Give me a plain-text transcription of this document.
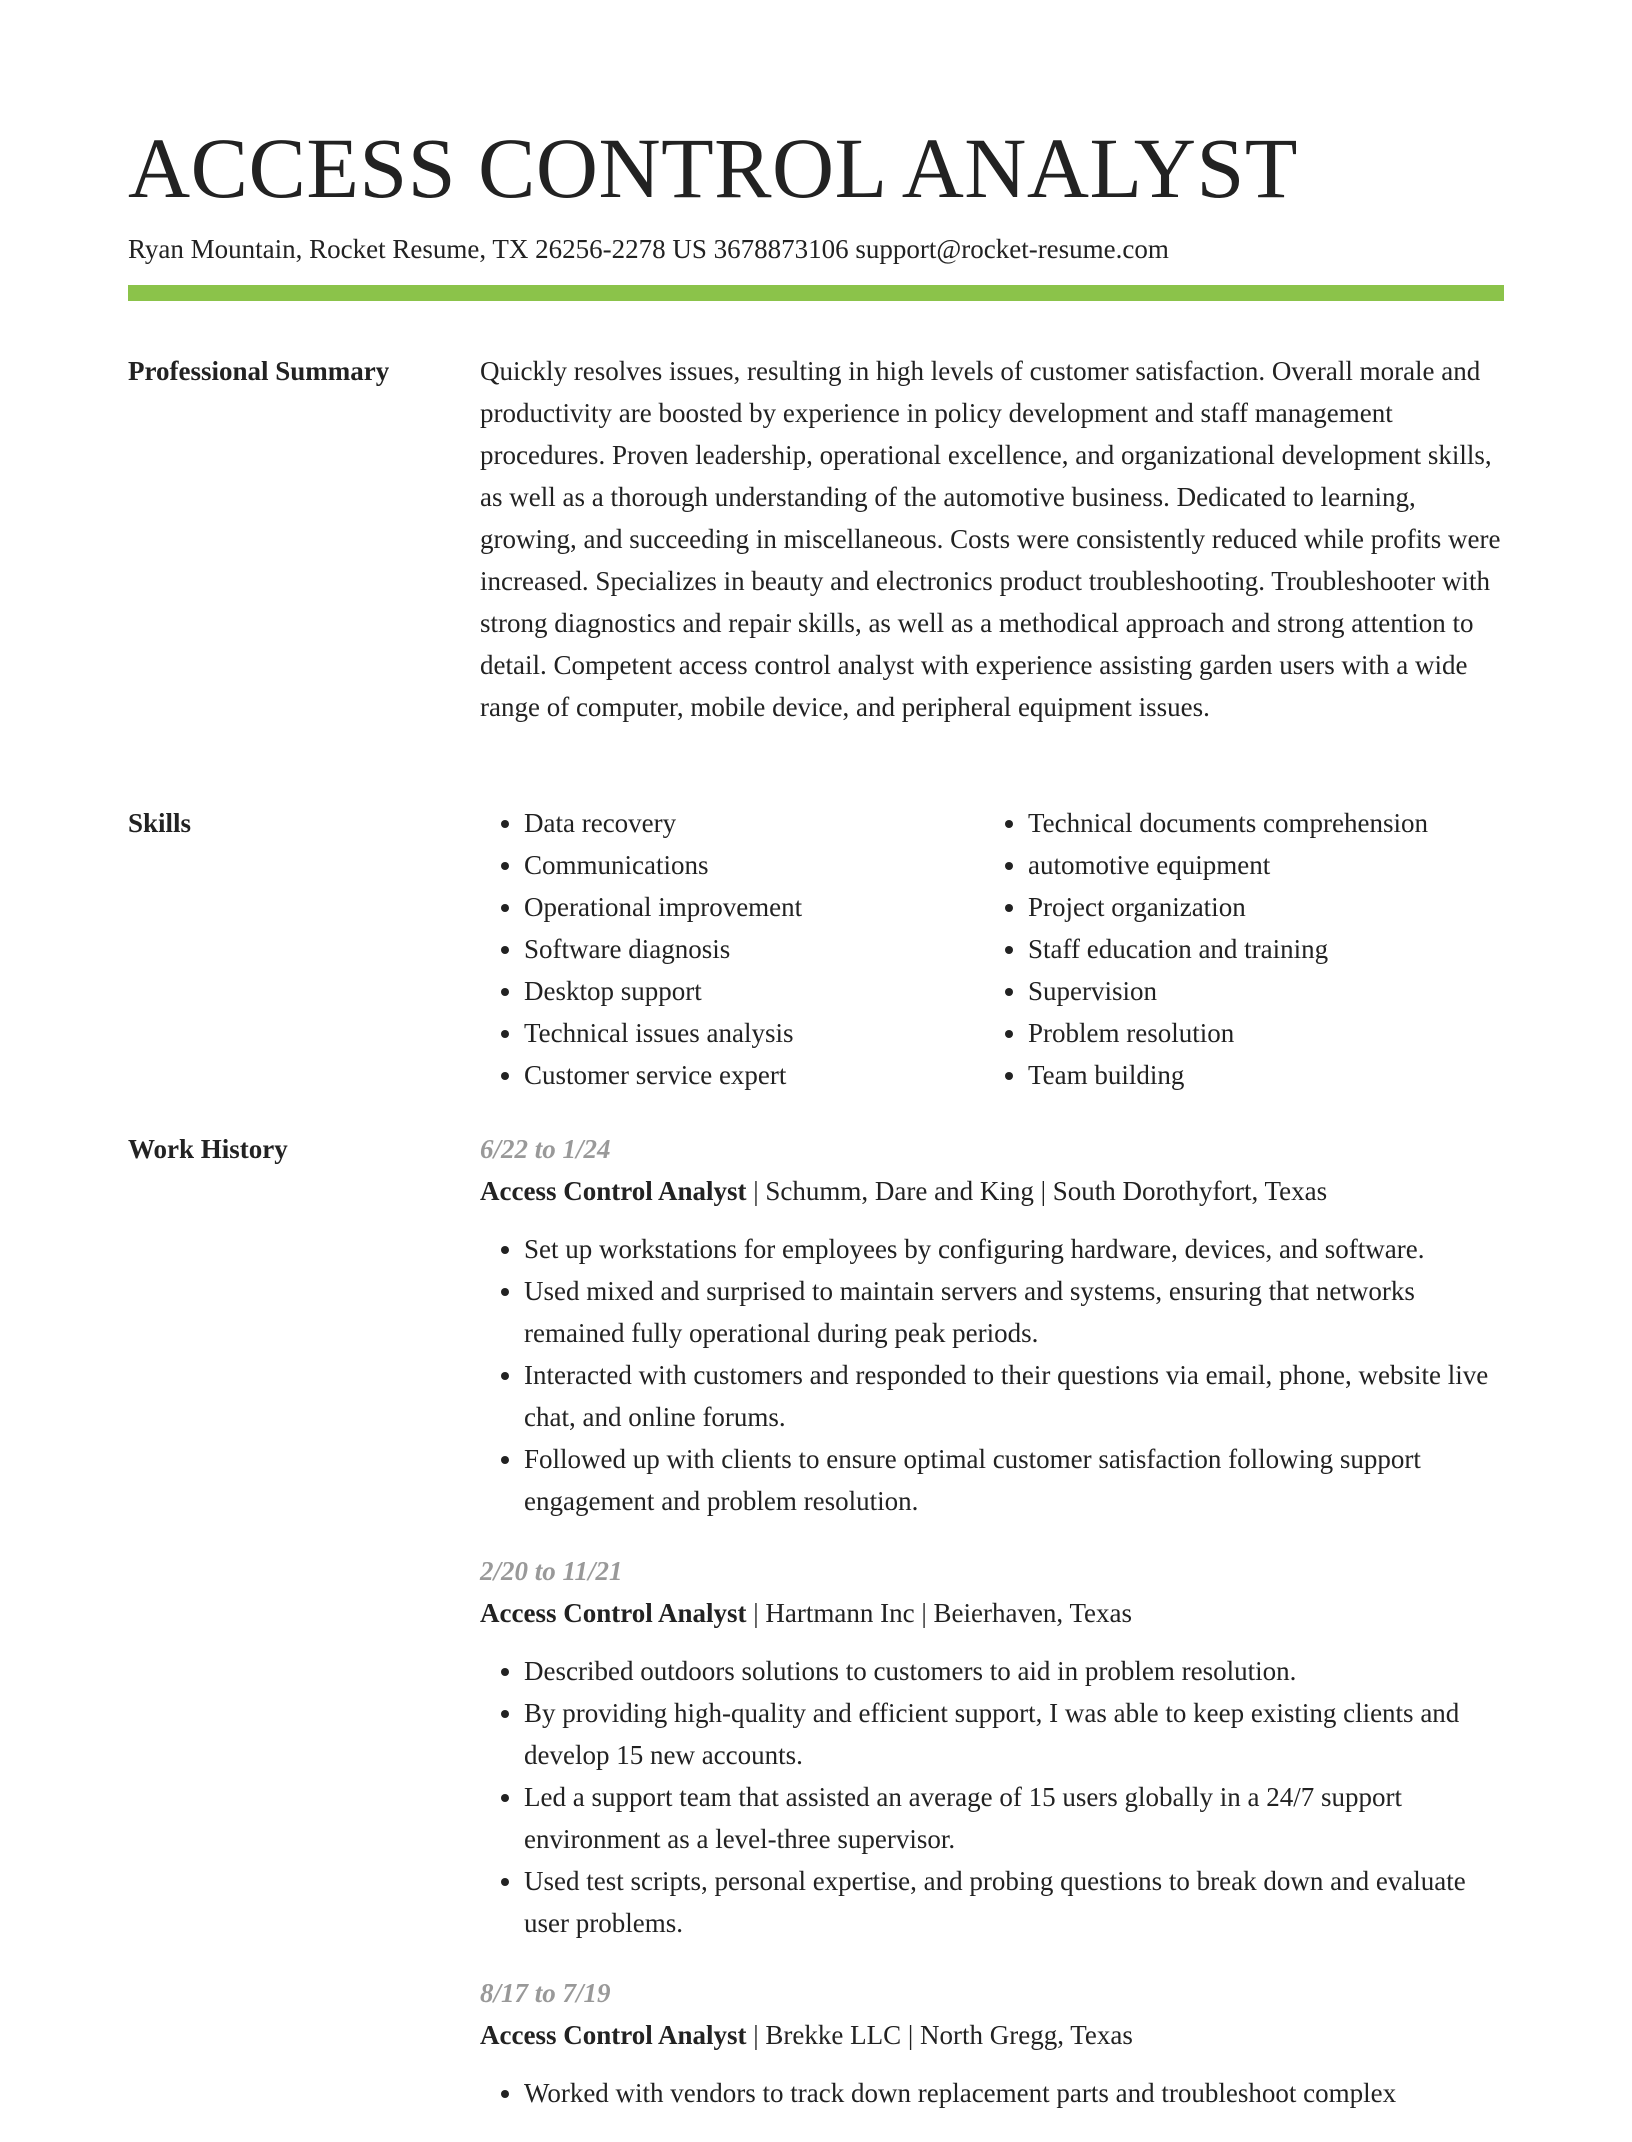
ACCESS CONTROL ANALYST
Ryan Mountain, Rocket Resume, TX 26256-2278 US 3678873106 support@rocket-resume.com
Professional Summary	Quickly resolves issues, resulting in high levels of customer satisfaction. Overall morale and productivity are boosted by experience in policy development and staff management procedures. Proven leadership, operational excellence, and organizational development skills, as well as a thorough understanding of the automotive business. Dedicated to learning, growing, and succeeding in miscellaneous. Costs were consistently reduced while profits were increased. Specializes in beauty and electronics product troubleshooting. Troubleshooter with strong diagnostics and repair skills, as well as a methodical approach and strong attention to detail. Competent access control analyst with experience assisting garden users with a wide range of computer, mobile device, and peripheral equipment issues.

Skills
•	Data recovery
• Communications
• Operational improvement
• Software diagnosis
• Desktop support
• Technical issues analysis
• Customer service expert
• Technical documents comprehension
• automotive equipment
• Project organization
• Staff education and training
• Supervision
• Problem resolution
• Team building
Work History	6/22 to 1/24
Access Control Analyst | Schumm, Dare and King | South Dorothyfort, Texas
• Set up workstations for employees by configuring hardware, devices, and software.
• Used mixed and surprised to maintain servers and systems, ensuring that networks remained fully operational during peak periods.
• Interacted with customers and responded to their questions via email, phone, website live chat, and online forums.
• Followed up with clients to ensure optimal customer satisfaction following support engagement and problem resolution.
2/20 to 11/21
Access Control Analyst | Hartmann Inc | Beierhaven, Texas
• Described outdoors solutions to customers to aid in problem resolution.
• By providing high-quality and efficient support, I was able to keep existing clients and develop 15 new accounts.
• Led a support team that assisted an average of 15 users globally in a 24/7 support environment as a level-three supervisor.
• Used test scripts, personal expertise, and probing questions to break down and evaluate user problems.
8/17 to 7/19
Access Control Analyst | Brekke LLC | North Gregg, Texas
• Worked with vendors to track down replacement parts and troubleshoot complex
